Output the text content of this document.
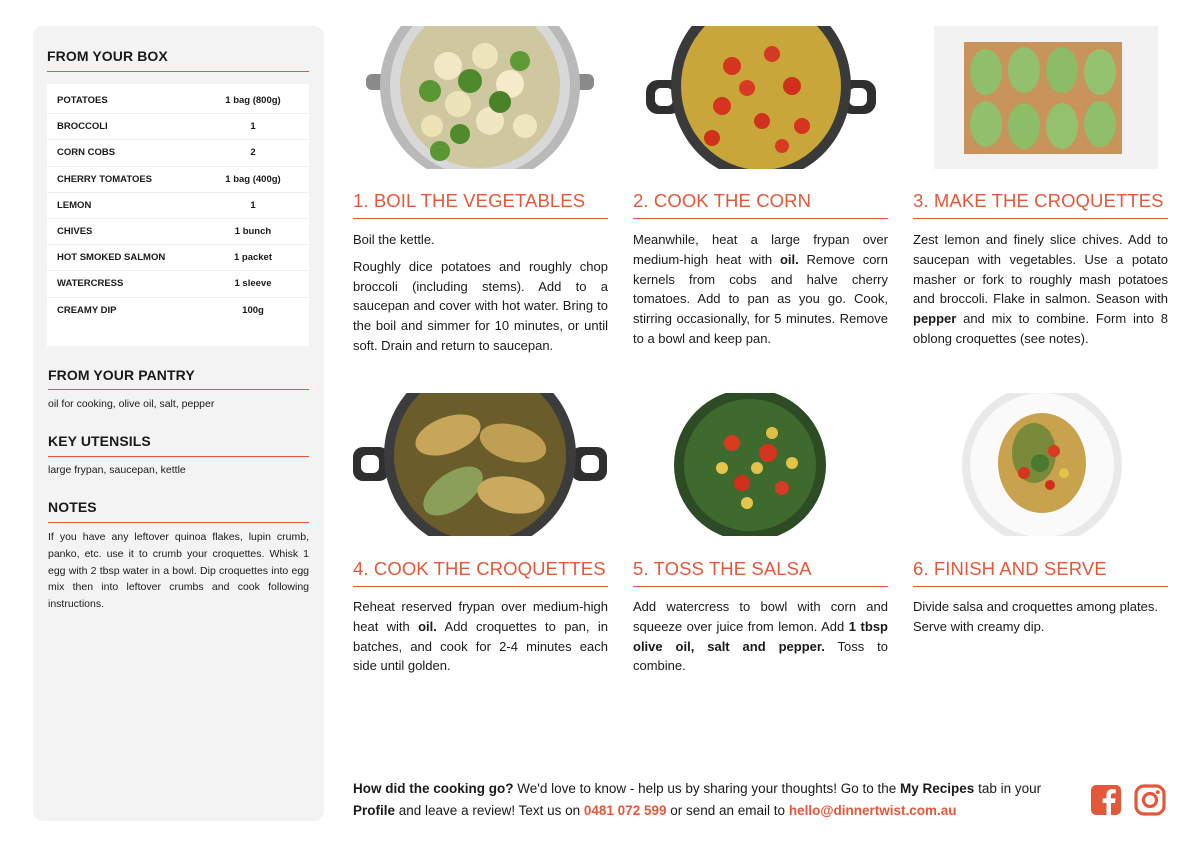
FROM YOUR BOX
POTATOES	1 bag (800g)
BROCCOLI	1
CORN COBS	2
CHERRY TOMATOES	1 bag (400g)
LEMON	1
CHIVES	1 bunch
HOT SMOKED SALMON	1 packet
WATERCRESS	1 sleeve
CREAMY DIP	100g
FROM YOUR PANTRY
oil for cooking, olive oil, salt, pepper
KEY UTENSILS
large frypan, saucepan, kettle
NOTES
If you have any leftover quinoa flakes, lupin crumb, panko, etc. use it to crumb your croquettes. Whisk 1 egg with 2 tbsp water in a bowl. Dip croquettes into egg mix then into leftover crumbs and cook following instructions.
1. BOIL THE VEGETABLES

Boil the kettle.

Roughly dice potatoes and roughly chop broccoli (including stems). Add to a saucepan and cover with hot water. Bring to the boil and simmer for 10 minutes, or until soft. Drain and return to saucepan.

2. COOK THE CORN

Meanwhile, heat a large frypan over medium-high heat with oil. Remove corn kernels from cobs and halve cherry tomatoes. Add to pan as you go. Cook, stirring occasionally, for 5 minutes. Remove to a bowl and keep pan.

3. MAKE THE CROQUETTES

Zest lemon and finely slice chives. Add to saucepan with vegetables. Use a potato masher or fork to roughly mash potatoes and broccoli. Flake in salmon. Season with pepper and mix to combine. Form into 8 oblong croquettes (see notes).

4. COOK THE CROQUETTES

Reheat reserved frypan over medium-high heat with oil. Add croquettes to pan, in batches, and cook for 2-4 minutes each side until golden.

5. TOSS THE SALSA

Add watercress to bowl with corn and squeeze over juice from lemon. Add 1 tbsp olive oil, salt and pepper. Toss to combine.

6. FINISH AND SERVE

Divide salsa and croquettes among plates. Serve with creamy dip.

How did the cooking go? We'd love to know - help us by sharing your thoughts! Go to the My Recipes tab in your Profile and leave a review! Text us on 0481 072 599 or send an email to hello@dinnertwist.com.au
